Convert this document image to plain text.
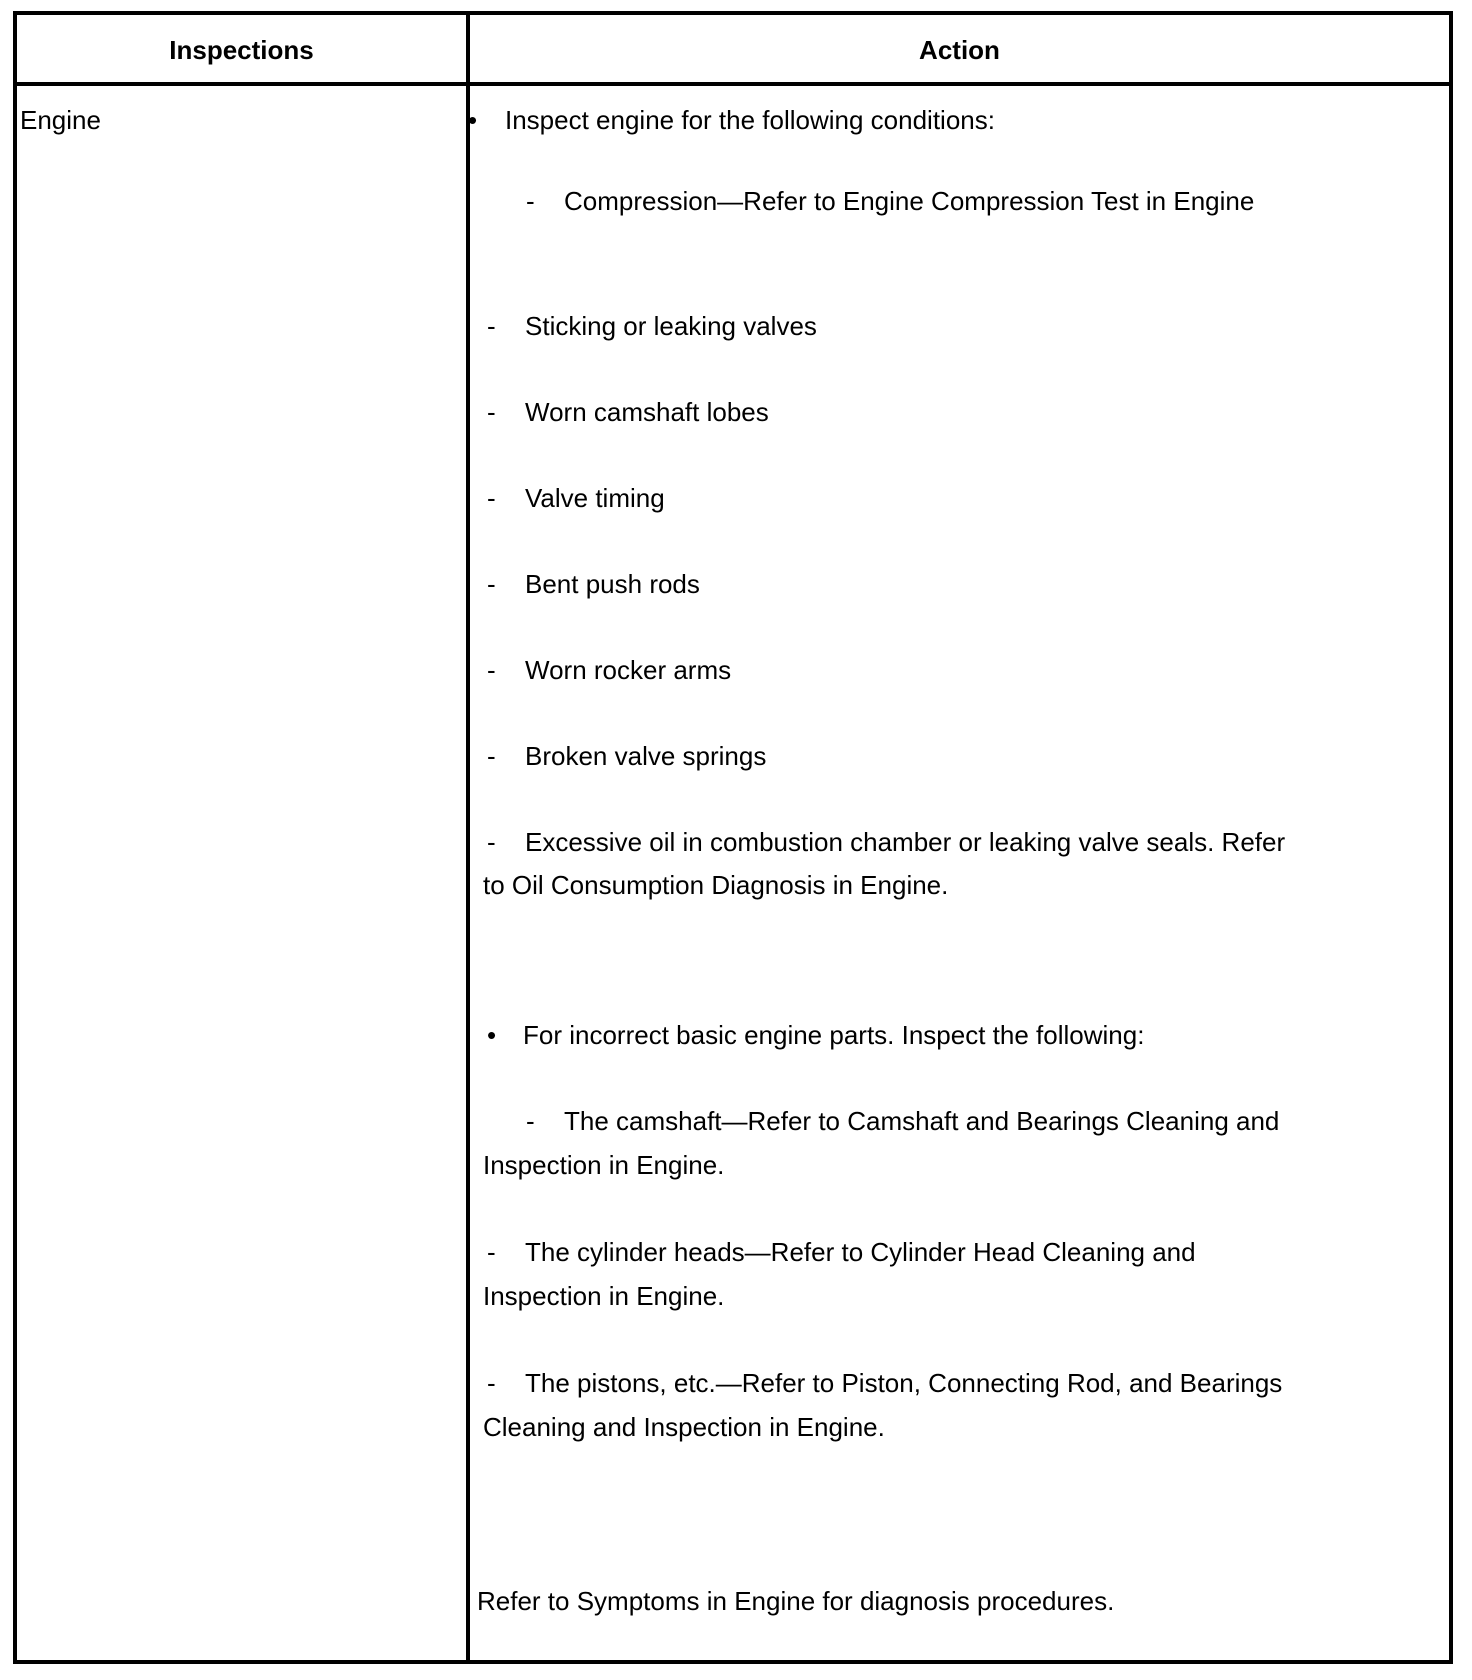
Inspections	Action
Engine	• Inspect engine for the following conditions:
- Compression—Refer to Engine Compression Test in Engine
- Sticking or leaking valves
- Worn camshaft lobes
- Valve timing
- Bent push rods
- Worn rocker arms
- Broken valve springs
- Excessive oil in combustion chamber or leaking valve seals. Refer
to Oil Consumption Diagnosis in Engine.
• For incorrect basic engine parts. Inspect the following:
- The camshaft—Refer to Camshaft and Bearings Cleaning and
Inspection in Engine.
- The cylinder heads—Refer to Cylinder Head Cleaning and
Inspection in Engine.
- The pistons, etc.—Refer to Piston, Connecting Rod, and Bearings
Cleaning and Inspection in Engine.
Refer to Symptoms in Engine for diagnosis procedures.
